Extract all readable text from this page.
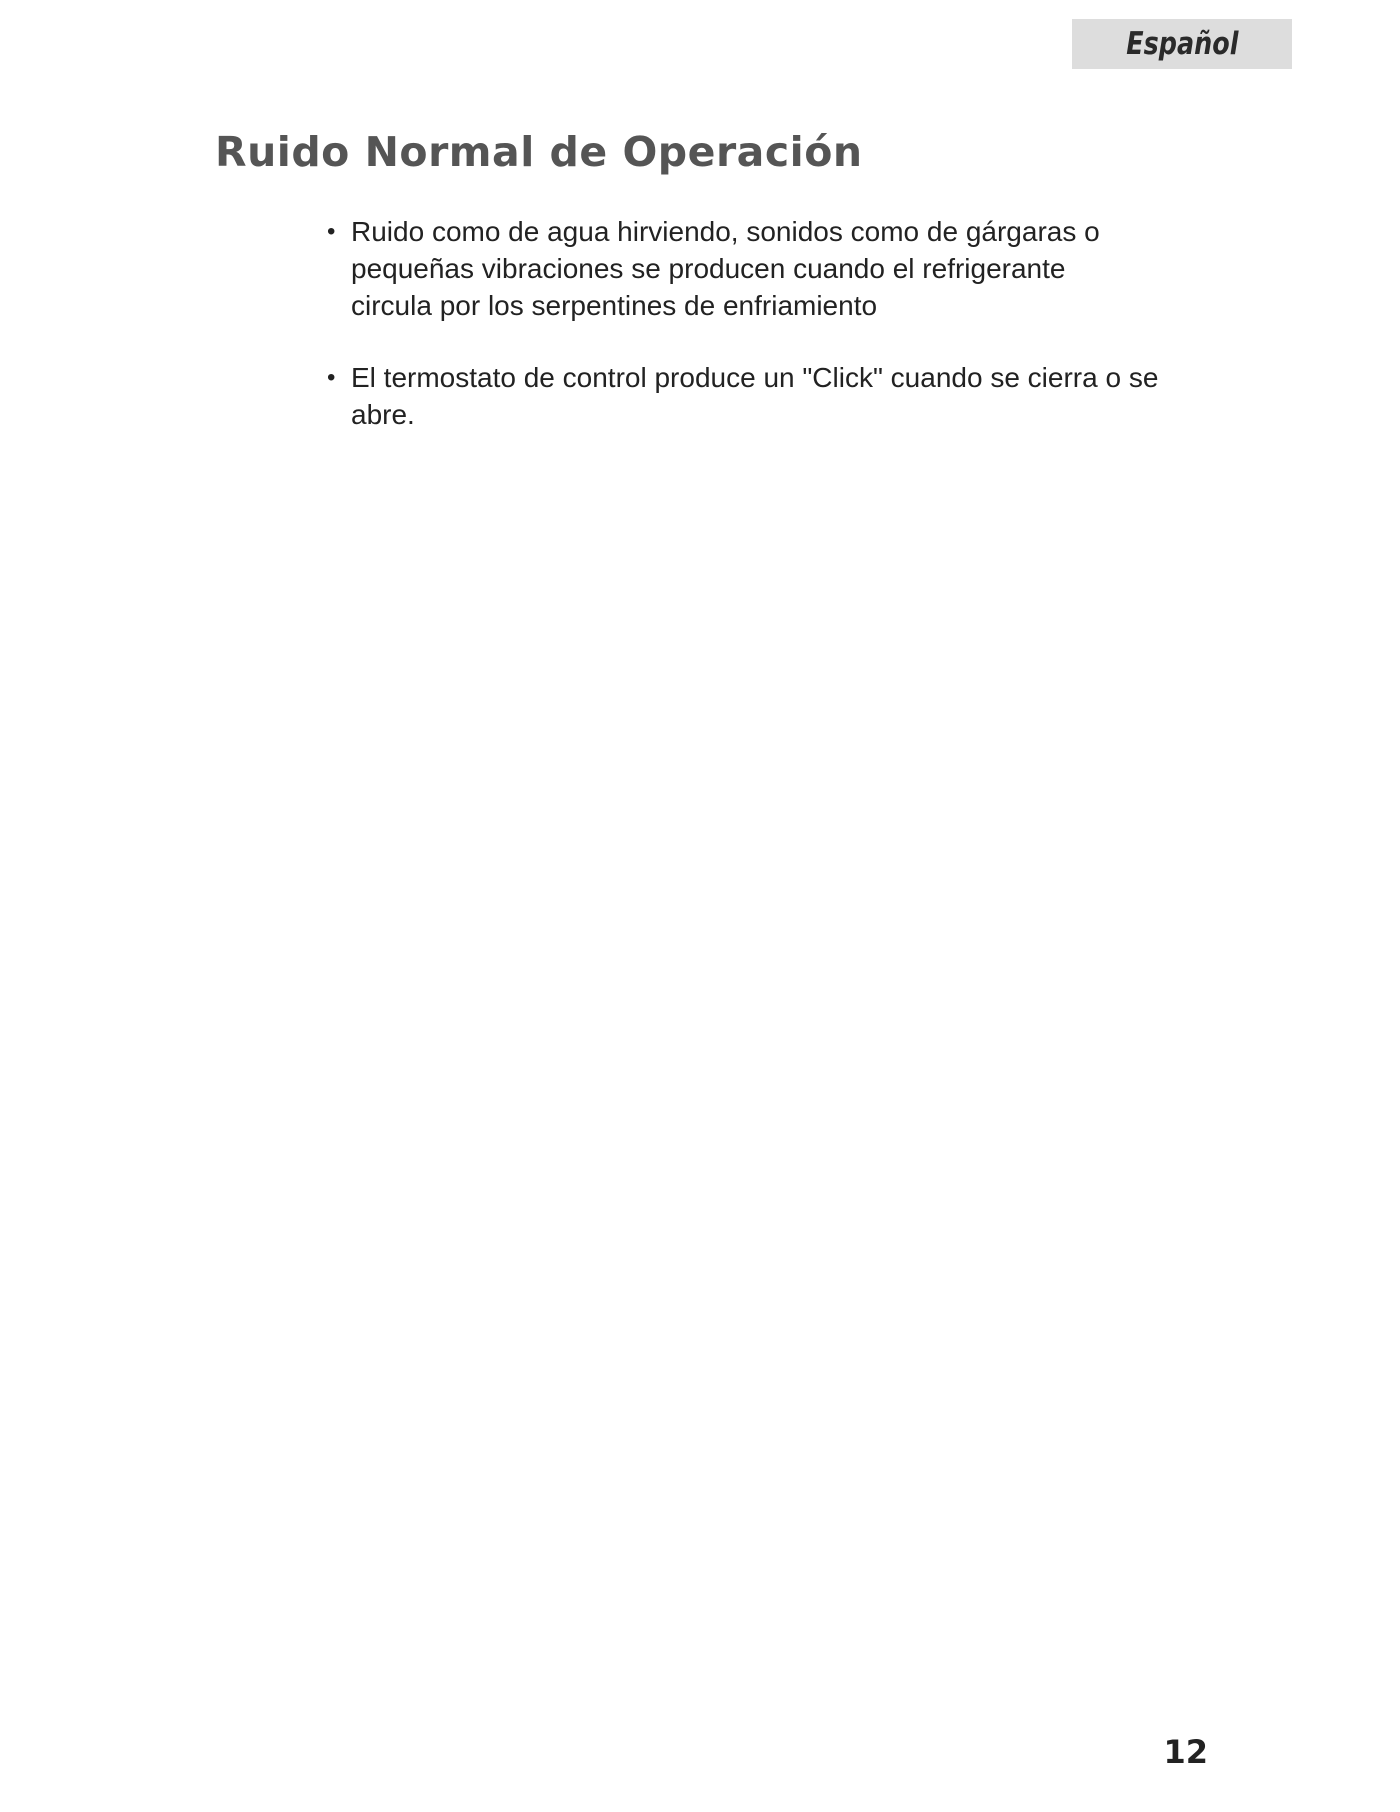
Español
Ruido Normal de Operación
• Ruido como de agua hirviendo, sonidos como de gárgaras o
pequeñas vibraciones se producen cuando el refrigerante
circula por los serpentines de enfriamiento
• El termostato de control produce un "Click" cuando se cierra o se abre.
12
